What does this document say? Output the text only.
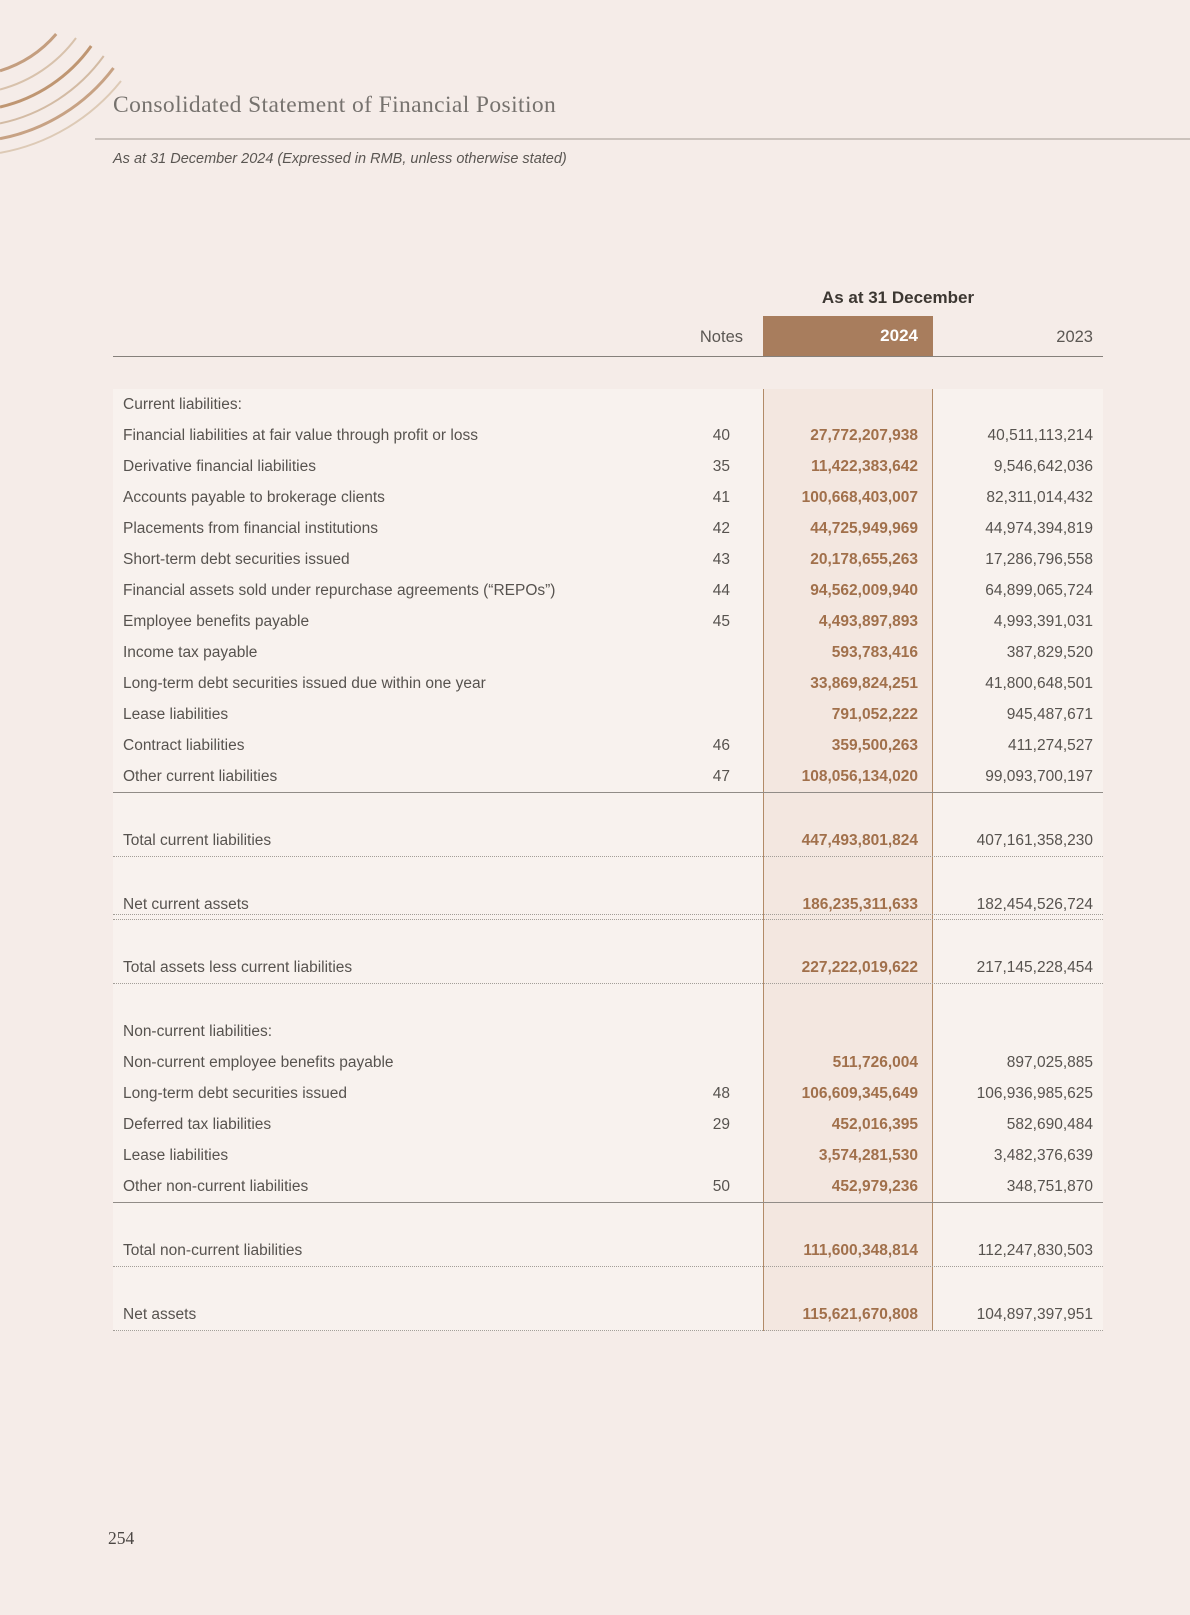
Consolidated Statement of Financial Position
As at 31 December 2024 (Expressed in RMB, unless otherwise stated)
As at 31 December
Notes	2024	2023
Current liabilities:
Financial liabilities at fair value through profit or loss	40	27,772,207,938	40,511,113,214
Derivative financial liabilities	35	11,422,383,642	9,546,642,036
Accounts payable to brokerage clients	41	100,668,403,007	82,311,014,432
Placements from financial institutions	42	44,725,949,969	44,974,394,819
Short-term debt securities issued	43	20,178,655,263	17,286,796,558
Financial assets sold under repurchase agreements (“REPOs”)	44	94,562,009,940	64,899,065,724
Employee benefits payable	45	4,493,897,893	4,993,391,031
Income tax payable	593,783,416	387,829,520
Long-term debt securities issued due within one year	33,869,824,251	41,800,648,501
Lease liabilities	791,052,222	945,487,671
Contract liabilities	46	359,500,263	411,274,527
Other current liabilities	47	108,056,134,020	99,093,700,197
Total current liabilities	447,493,801,824	407,161,358,230
Net current assets	186,235,311,633	182,454,526,724
Total assets less current liabilities	227,222,019,622	217,145,228,454
Non-current liabilities:
Non-current employee benefits payable	511,726,004	897,025,885
Long-term debt securities issued	48	106,609,345,649	106,936,985,625
Deferred tax liabilities	29	452,016,395	582,690,484
Lease liabilities	3,574,281,530	3,482,376,639
Other non-current liabilities	50	452,979,236	348,751,870
Total non-current liabilities	111,600,348,814	112,247,830,503
Net assets	115,621,670,808	104,897,397,951
254
